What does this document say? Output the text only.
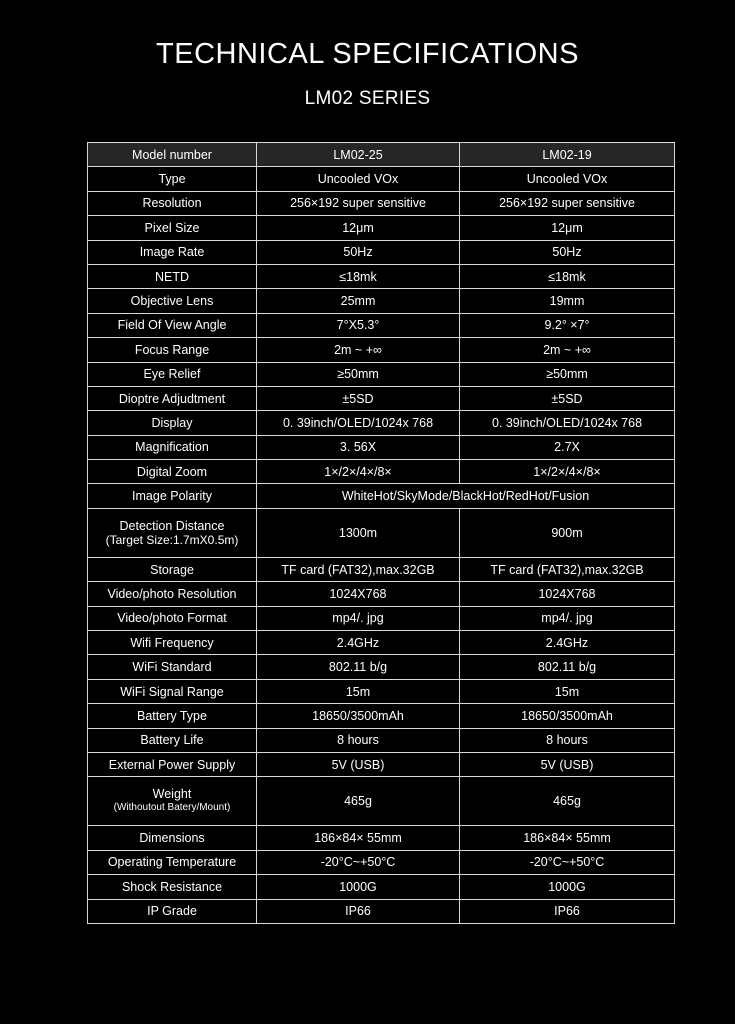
TECHNICAL SPECIFICATIONS
LM02 SERIES
Model number	LM02-25	LM02-19
Type	Uncooled VOx	Uncooled VOx
Resolution	256×192 super sensitive	256×192 super sensitive
Pixel Size	12μm	12μm
Image Rate	50Hz	50Hz
NETD	≤18mk	≤18mk
Objective Lens	25mm	19mm
Field Of View Angle	7°X5.3°	9.2° ×7°
Focus Range	2m ~ +∞	2m ~ +∞
Eye Relief	≥50mm	≥50mm
Dioptre Adjudtment	±5SD	±5SD
Display	0. 39inch/OLED/1024x 768	0. 39inch/OLED/1024x 768
Magnification	3. 56X	2.7X
Digital Zoom	1×/2×/4×/8×	1×/2×/4×/8×
Image Polarity	WhiteHot/SkyMode/BlackHot/RedHot/Fusion	

Detection Distance
(Target Size:1.7mX0.5m)	1300m	900m
Storage	TF card (FAT32),max.32GB	TF card (FAT32),max.32GB
Video/photo Resolution	1024X768	1024X768
Video/photo Format	mp4/. jpg	mp4/. jpg
Wifi Frequency	2.4GHz	2.4GHz
WiFi Standard	802.11 b/g	802.11 b/g
WiFi Signal Range	15m	15m
Battery Type	18650/3500mAh	18650/3500mAh
Battery Life	8 hours	8 hours
External Power Supply	5V (USB)	5V (USB)

Weight
(Withoutout Batery/Mount)	465g	465g
Dimensions	186×84× 55mm	186×84× 55mm
Operating Temperature	-20°C~+50°C	-20°C~+50°C
Shock Resistance	1000G	1000G
IP Grade	IP66	IP66
